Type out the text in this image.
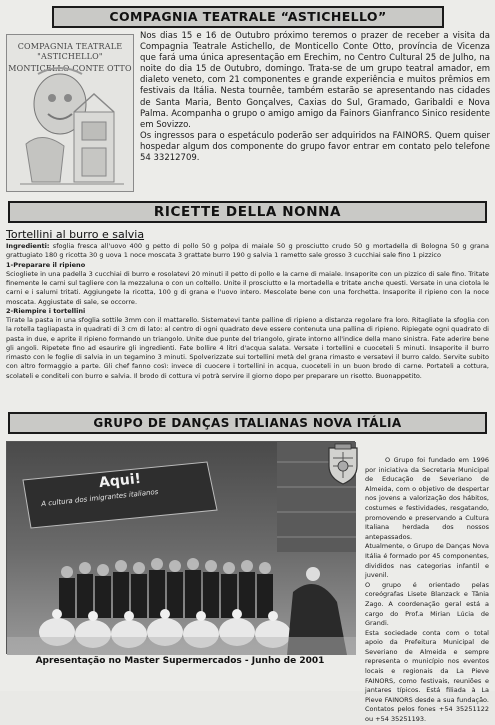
COMPAGNIA TEATRALE “ASTICHELLO”
COMPAGNIA TEATRALE "ASTICHELLO"
MONTICELLO CONTE OTTO

Nos dias 15 e 16 de Outubro próximo teremos o prazer de receber a visita da Compagnia Teatrale Astichello, de Monticello Conte Otto, província de Vicenza que fará uma única apresentação em Erechim, no Centro Cultural 25 de Julho, na noite do dia 15 de Outubro, domingo. Trata-se de um grupo teatral amador, em dialeto veneto, com 21 componentes e grande experiência e muitos prêmios em festivais da Itália. Nesta tournêe, também estarão se apresentando nas cidades de Santa Maria, Bento Gonçalves, Caxias do Sul, Gramado, Garibaldi e Nova Palma. Acompanha o grupo o amigo amigo da Fainors Gianfranco Sinico residente em Sovizzo.

Os ingressos para o espetáculo poderão ser adquiridos na FAINORS. Quem quiser hospedar algum dos componente do grupo favor entrar em contato pelo telefone 54 33212709.

RICETTE DELLA NONNA
Tortellini al burro e salvia
Ingredienti: sfoglia fresca all'uovo 400 g petto di pollo 50 g polpa di maiale 50 g prosciutto crudo 50 g mortadella di Bologna 50 g grana grattugiato 180 g ricotta 30 g uova 1 noce moscata 3 grattate burro 190 g salvia 1 rametto sale grosso 3 cucchiai sale fino 1 pizzico
1-Preparare il ripieno
Sciogliete in una padella 3 cucchiai di burro e rosolatevi 20 minuti il petto di pollo e la carne di maiale. Insaporite con un pizzico di sale fino. Tritate finemente le carni sul tagliere con la mezzaluna o con un coltello. Unite il prosciutto e la mortadella e tritate anche questi. Versate in una ciotola le carni e i salumi tritati. Aggiungete la ricotta, 100 g di grana e l'uovo intero. Mescolate bene con una forchetta. Insaporite il ripieno con la noce moscata. Aggiustate di sale, se occorre.
2-Riempire i tortellini
Tirate la pasta in una sfoglia sottile 3mm con il mattarello. Sistematevi tante palline di ripieno a distanza regolare fra loro. Ritagliate la sfoglia con la rotella tagliapasta in quadrati di 3 cm di lato: al centro di ogni quadrato deve essere contenuta una pallina di ripieno. Ripiegate ogni quadrato di pasta in due, e aprite il ripieno formando un triangolo. Unite due punte del triangolo, girate intorno all'indice della mano sinistra. Fate aderire bene gli angoli. Ripetete fino ad esaurire gli ingredienti. Fate bollire 4 litri d'acqua salata. Versate i tortellini e cuoceteli 5 minuti. Insaporite il burro rimasto con le foglie di salvia in un tegamino 3 minuti. Spolverizzate sui tortellini metà del grana rimasto e versatevi il burro caldo. Servite subito con altro formaggio a parte. Gli chef fanno così: invece di cuocere i tortellini in acqua, cuoceteli in un buon brodo di carne. Portateli a cottura, scolateli e conditeli con burro e salvia. Il brodo di cottura vi potrà servire il giorno dopo per preparare un risotto. Buonappetito.
GRUPO DE DANÇAS ITALIANAS NOVA ITÁLIA
Aqui!
A cultura dos imigrantes italianos
Apresentação no Master Supermercados - Junho de 2001

O Grupo foi fundado em 1996 por iniciativa da Secretaria Municipal de Educação de Severiano de Almeida, com o objetivo de despertar nos jovens a valorização dos hábitos, costumes e festividades, resgatando, promovendo e preservando a Cultura Italiana herdada dos nossos antepassados.

Atualmente, o Grupo de Danças Nova Itália é formado por 45 componentes, divididos nas categorias infantil e juvenil.

O grupo é orientado pelas coreógrafas Lisete Blanzack e Tânia Zago. A coordenação geral está a cargo do Prof.a Mirian Lúcia de Grandi.

Esta sociedade conta com o total apoio da Prefeitura Municipal de Severiano de Almeida e sempre representa o município nos eventos locais e regionais da La Pieve FAINORS, como festivais, reuniões e jantares típicos. Está filiada à La Pieve FAINORS desde a sua fundação. Contatos pelos fones +54 35251122 ou +54 35251193.
